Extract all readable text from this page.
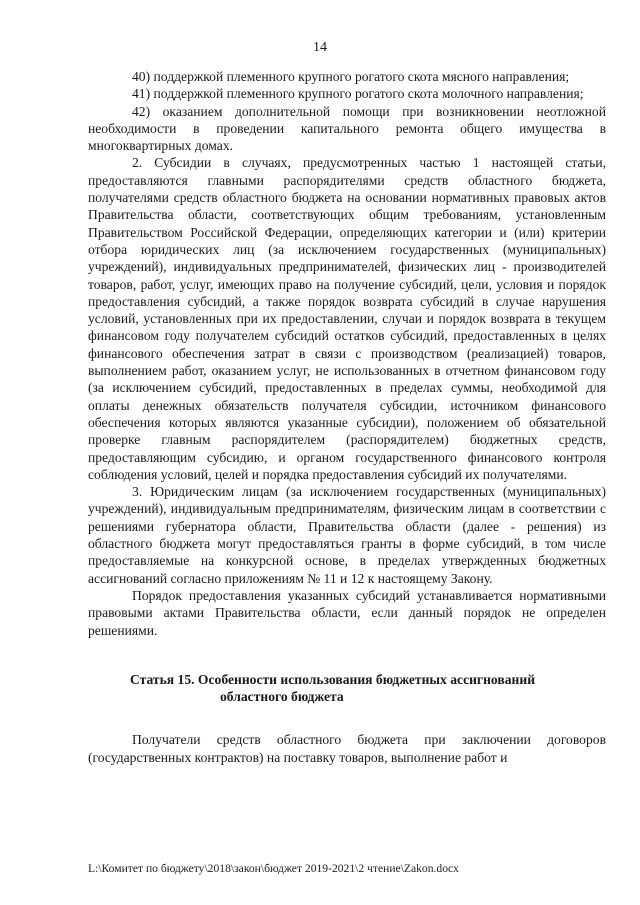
14

40) поддержкой племенного крупного рогатого скота мясного направления;

41) поддержкой племенного крупного рогатого скота молочного направления;

42) оказанием дополнительной помощи при возникновении неотложной необходимости в проведении капитального ремонта общего имущества в многоквартирных домах.

2. Субсидии в случаях, предусмотренных частью 1 настоящей статьи, предоставляются главными распорядителями средств областного бюджета, получателями средств областного бюджета на основании нормативных правовых актов Правительства области, соответствующих общим требованиям, установленным Правительством Российской Федерации, определяющих категории и (или) критерии отбора юридических лиц (за исключением государственных (муниципальных) учреждений), индивидуальных предпринимателей, физических лиц - производителей товаров, работ, услуг, имеющих право на получение субсидий, цели, условия и порядок предоставления субсидий, а также порядок возврата субсидий в случае нарушения условий, установленных при их предоставлении, случаи и порядок возврата в текущем финансовом году получателем субсидий остатков субсидий, предоставленных в целях финансового обеспечения затрат в связи с производством (реализацией) товаров, выполнением работ, оказанием услуг, не использованных в отчетном финансовом году (за исключением субсидий, предоставленных в пределах суммы, необходимой для оплаты денежных обязательств получателя субсидии, источником финансового обеспечения которых являются указанные субсидии), положением об обязательной проверке главным распорядителем (распорядителем) бюджетных средств, предоставляющим субсидию, и органом государственного финансового контроля соблюдения условий, целей и порядка предоставления субсидий их получателями.

3. Юридическим лицам (за исключением государственных (муниципальных) учреждений), индивидуальным предпринимателям, физическим лицам в соответствии с решениями губернатора области, Правительства области (далее - решения) из областного бюджета могут предоставляться гранты в форме субсидий, в том числе предоставляемые на конкурсной основе, в пределах утвержденных бюджетных ассигнований согласно приложениям № 11 и 12 к настоящему Закону.

Порядок предоставления указанных субсидий устанавливается нормативными правовыми актами Правительства области, если данный порядок не определен решениями.

Статья 15. Особенности использования бюджетных ассигнований
областного бюджета

Получатели средств областного бюджета при заключении договоров (государственных контрактов) на поставку товаров, выполнение работ и

L:\Комитет по бюджету\2018\закон\бюджет 2019-2021\2 чтение\Zakon.docx
